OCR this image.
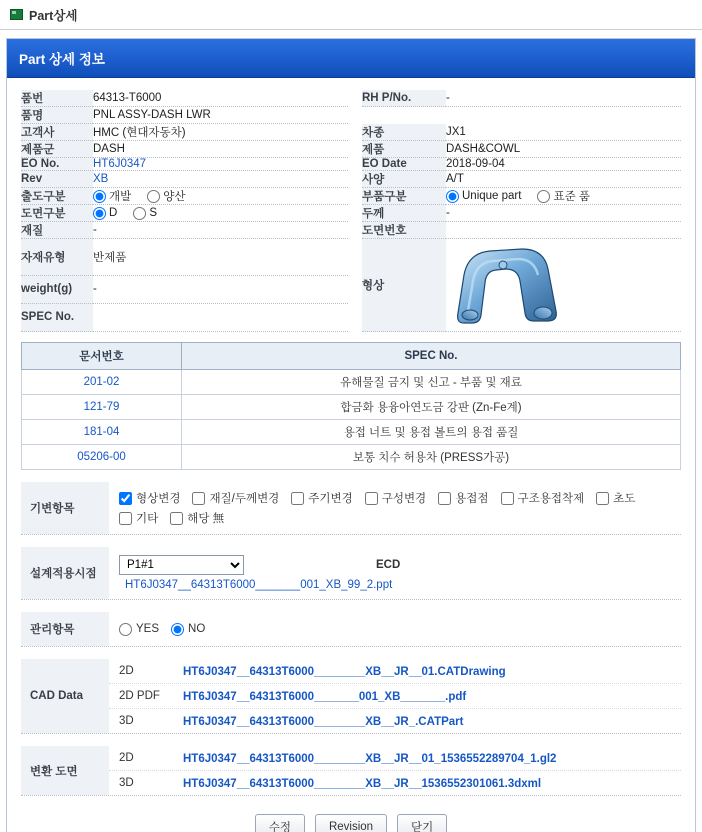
Part상세
Part 상세 정보
품번	64313-T6000		RH P/No.	-
품명	PNL ASSY-DASH LWR			
고객사	HMC (현대자동차)		차종	JX1
제품군	DASH		제품	DASH&COWL
EO No.	HT6J0347		EO Date	2018-09-04
Rev	XB		사양	A/T
출도구분	개발 양산		부품구분	Unique part 표준 품

도면구분	D S		두께	-
재질	-		도면번호	
자재유형	반제품		형상	

weight(g)	-			
SPEC No.				
문서번호	SPEC No.
201-02	유해물질 금지 및 신고 - 부품 및 재료
121-79	합금화 용융아연도금 강판 (Zn-Fe계)
181-04	용접 너트 및 용접 볼트의 용접 품질
05206-00	보통 치수 허용차 (PRESS가공)
기변항목
형상변경	재질/두께변경	주기변경	구성변경	용접점	구조용접착제	초도
기타	해당 無
설계적용시점
P1#1
ECD
HT6J0347__64313T6000_______001_XB_99_2.ppt
관리항목	YES	NO
CAD Data
2D	HT6J0347__64313T6000________XB__JR__01.CATDrawing
2D PDF	HT6J0347__64313T6000_______001_XB_______.pdf
3D	HT6J0347__64313T6000________XB__JR_.CATPart
변환 도면
2D	HT6J0347__64313T6000________XB__JR__01_1536552289704_1.gl2
3D	HT6J0347__64313T6000________XB__JR__1536552301061.3dxml
수정	Revision	닫기
